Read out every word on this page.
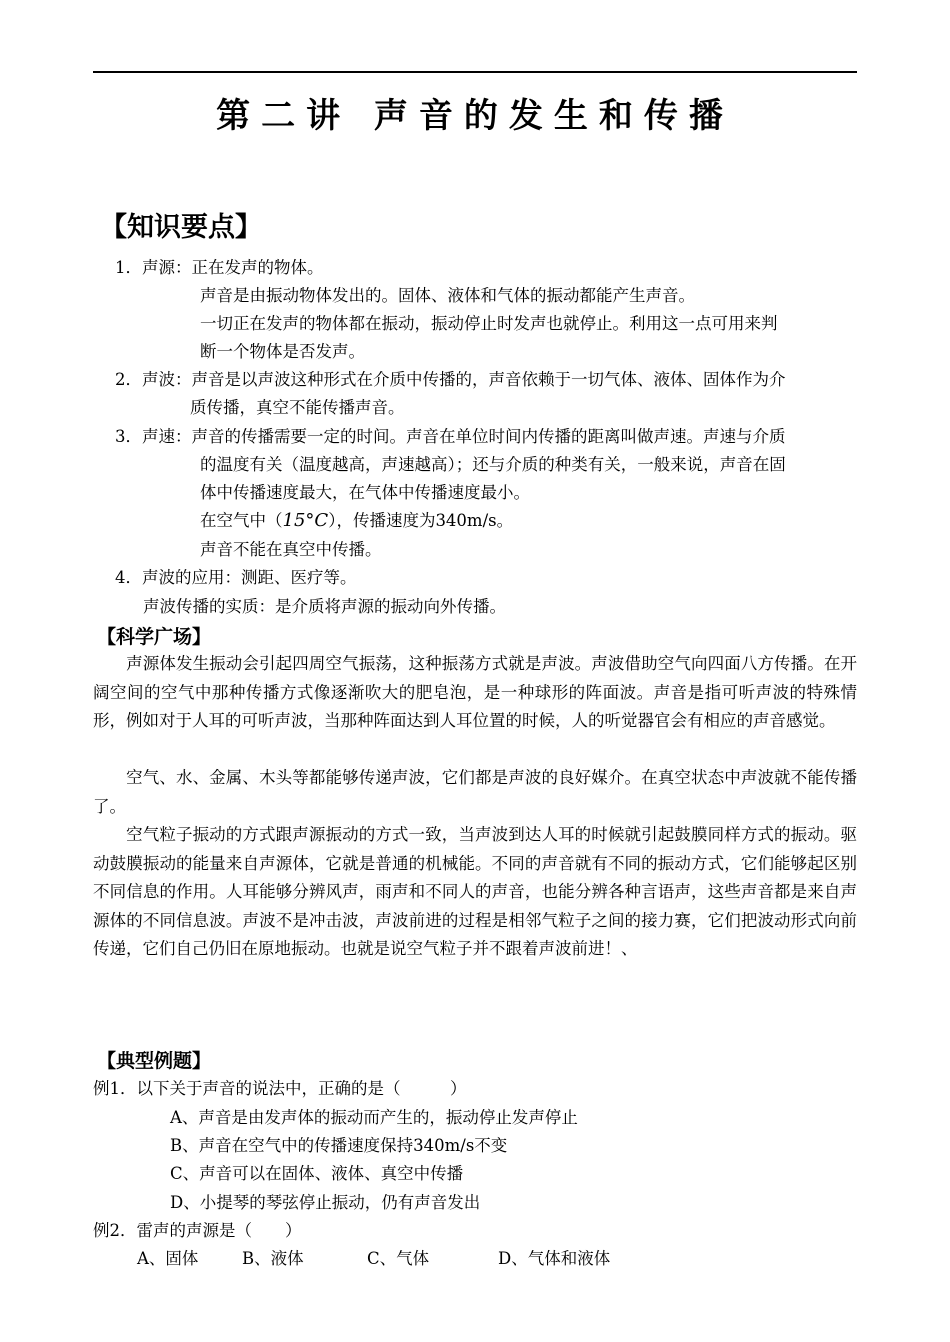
第二讲 声音的发生和传播
【知识要点】
1．声源：正在发声的物体。
声音是由振动物体发出的。固体、液体和气体的振动都能产生声音。
一切正在发声的物体都在振动，振动停止时发声也就停止。利用这一点可用来判
断一个物体是否发声。
2．声波：声音是以声波这种形式在介质中传播的，声音依赖于一切气体、液体、固体作为介
质传播，真空不能传播声音。
3．声速：声音的传播需要一定的时间。声音在单位时间内传播的距离叫做声速。声速与介质
的温度有关（温度越高，声速越高）；还与介质的种类有关，一般来说，声音在固
体中传播速度最大，在气体中传播速度最小。
在空气中（15°C），传播速度为340m/s。
声音不能在真空中传播。
4．声波的应用：测距、医疗等。
声波传播的实质：是介质将声源的振动向外传播。
【科学广场】
声源体发生振动会引起四周空气振荡，这种振荡方式就是声波。声波借助空气向四面八方传播。在开阔空间的空气中那种传播方式像逐渐吹大的肥皂泡，是一种球形的阵面波。声音是指可听声波的特殊情形，例如对于人耳的可听声波，当那种阵面达到人耳位置的时候，人的听觉器官会有相应的声音感觉。
空气、水、金属、木头等都能够传递声波，它们都是声波的良好媒介。在真空状态中声波就不能传播了。
空气粒子振动的方式跟声源振动的方式一致，当声波到达人耳的时候就引起鼓膜同样方式的振动。驱动鼓膜振动的能量来自声源体，它就是普通的机械能。不同的声音就有不同的振动方式，它们能够起区别不同信息的作用。人耳能够分辨风声，雨声和不同人的声音，也能分辨各种言语声，这些声音都是来自声源体的不同信息波。声波不是冲击波，声波前进的过程是相邻气粒子之间的接力赛，它们把波动形式向前传递，它们自己仍旧在原地振动。也就是说空气粒子并不跟着声波前进！、
【典型例题】
例1．以下关于声音的说法中，正确的是（　　　）
A、声音是由发声体的振动而产生的，振动停止发声停止
B、声音在空气中的传播速度保持340m/s不变
C、声音可以在固体、液体、真空中传播
D、小提琴的琴弦停止振动，仍有声音发出
例2．雷声的声源是（　　）
A、固体	B、液体	C、气体	D、气体和液体
